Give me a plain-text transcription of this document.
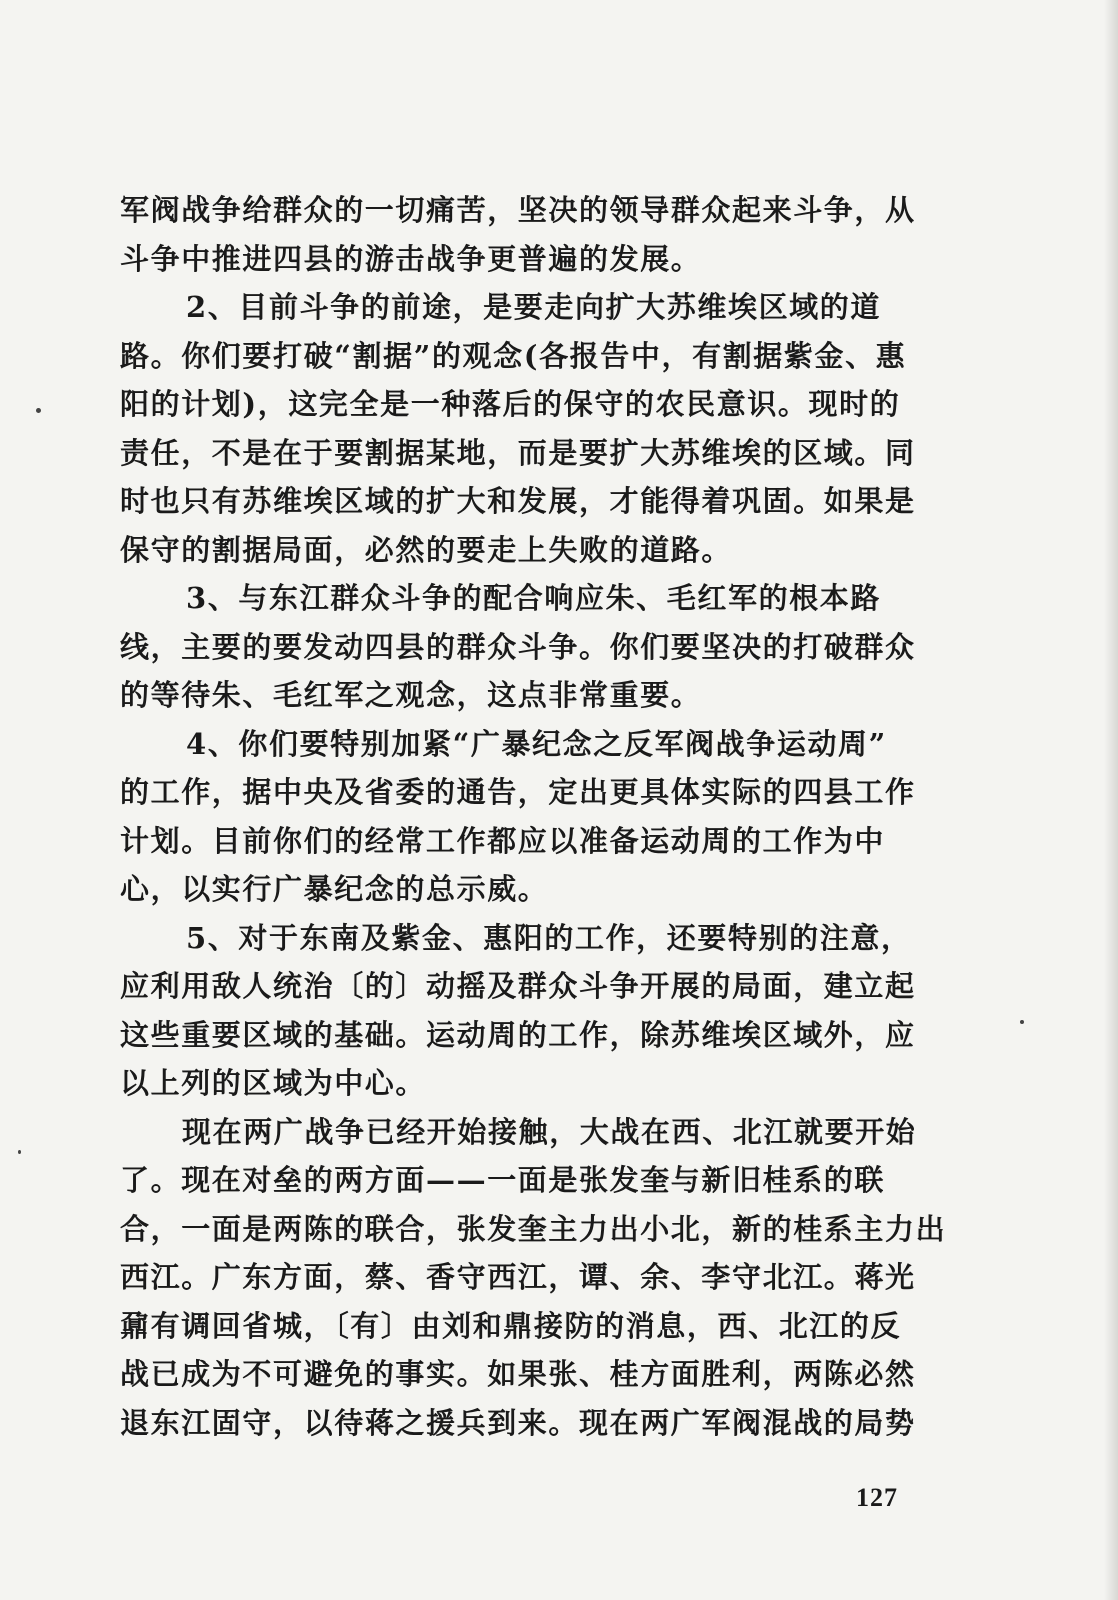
军阀战争给群众的一切痛苦，坚决的领导群众起来斗争，从
斗争中推进四县的游击战争更普遍的发展。
2、目前斗争的前途，是要走向扩大苏维埃区域的道
路。你们要打破“割据”的观念(各报告中，有割据紫金、惠
阳的计划)，这完全是一种落后的保守的农民意识。现时的
责任，不是在于要割据某地，而是要扩大苏维埃的区域。同
时也只有苏维埃区域的扩大和发展，才能得着巩固。如果是
保守的割据局面，必然的要走上失败的道路。
3、与东江群众斗争的配合响应朱、毛红军的根本路
线，主要的要发动四县的群众斗争。你们要坚决的打破群众
的等待朱、毛红军之观念，这点非常重要。
4、你们要特别加紧“广暴纪念之反军阀战争运动周”
的工作，据中央及省委的通告，定出更具体实际的四县工作
计划。目前你们的经常工作都应以准备运动周的工作为中
心，以实行广暴纪念的总示威。
5、对于东南及紫金、惠阳的工作，还要特别的注意，
应利用敌人统治〔的〕动摇及群众斗争开展的局面，建立起
这些重要区域的基础。运动周的工作，除苏维埃区域外，应
以上列的区域为中心。
现在两广战争已经开始接触，大战在西、北江就要开始
了。现在对垒的两方面——一面是张发奎与新旧桂系的联
合，一面是两陈的联合，张发奎主力出小北，新的桂系主力出
西江。广东方面，蔡、香守西江，谭、余、李守北江。蒋光
鼐有调回省城，〔有〕由刘和鼎接防的消息，西、北江的反
战已成为不可避免的事实。如果张、桂方面胜利，两陈必然
退东江固守，以待蒋之援兵到来。现在两广军阀混战的局势
127
